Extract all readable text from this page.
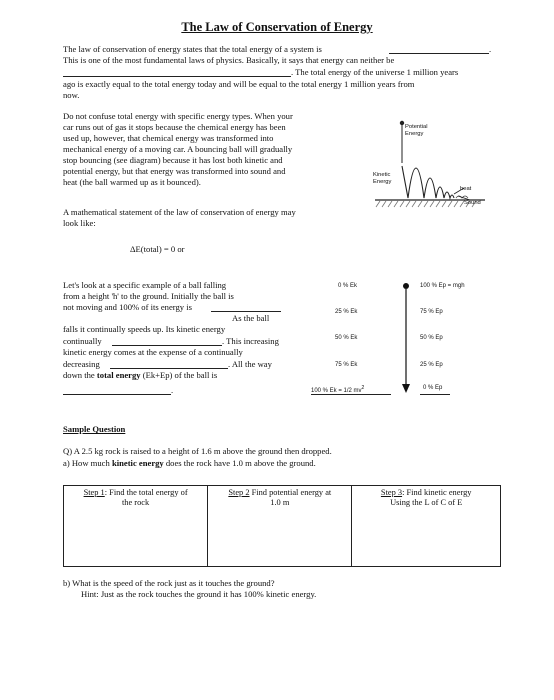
The Law of Conservation of Energy
The law of conservation of energy states that the total energy of a system is	.
This is one of the most fundamental laws of physics. Basically, it says that energy can neither be
. The total energy of the universe 1 million years
ago is exactly equal to the total energy today and will be equal to the total energy 1 million years from
now.
Do not confuse total energy with specific energy types. When your
car runs out of gas it stops because the chemical energy has been
used up, however, that chemical energy was transformed into
mechanical energy of a moving car. A bouncing ball will gradually
stop bouncing (see diagram) because it has lost both kinetic and
potential energy, but that energy was transformed into sound and
heat (the ball warmed up as it bounced).
A mathematical statement of the law of conservation of energy may
look like:
ΔE(total) = 0 or
Potential
Energy
Kinetic
Energy
heat
Sound
Let's look at a specific example of a ball falling
from a height 'h' to the ground. Initially the ball is
not moving and 100% of its energy is
As the ball
falls it continually speeds up. Its kinetic energy
continually	. This increasing
kinetic energy comes at the expense of a continually
decreasing	. All the way
down the total energy (Ek+Ep) of the ball is
.
0 % Ek
25 % Ek
50 % Ek
75 % Ek
100 % Ek = 1/2 $mv^2$
100 % Ep = mgh
75 % Ep
50 % Ep
25 % Ep
0 % Ep
Sample Question
Q) A 2.5 kg rock is raised to a height of 1.6 m above the ground then dropped.
a) How much kinetic energy does the rock have 1.0 m above the ground.
Step 1: Find the total energy of
the rock

Step 2 Find potential energy at
1.0 m

Step 3: Find kinetic energy
Using the L of C of E
b) What is the speed of the rock just as it touches the ground?
Hint: Just as the rock touches the ground it has 100% kinetic energy.
